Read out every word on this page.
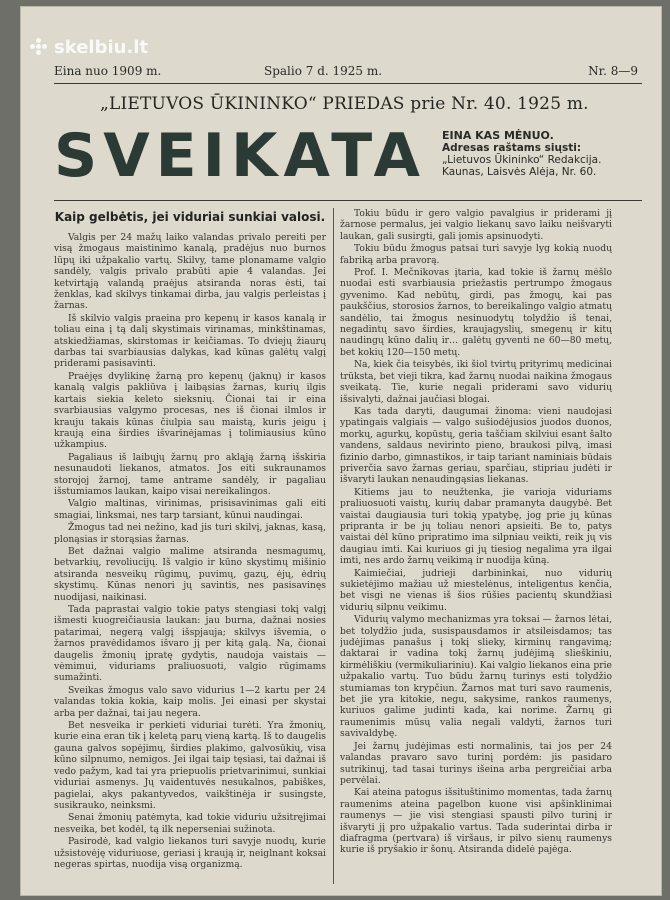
skelbiu.lt
Eina nuo 1909 m.	Spalio 7 d. 1925 m.	Nr. 8—9
„LIETUVOS ŪKININKO“ PRIEDAS prie Nr. 40. 1925 m.
SVEIKATA EINA KAS MĖNUO.
Adresas raštams siųsti:
„Lietuvos Ūkininko“ Redakcija.
Kaunas, Laisvės Alėja, Nr. 60.
Kaip gelbėtis, jei viduriai sunkiai valosi.

Valgis per 24 mažų laiko valandas privalo pereiti per visą žmogaus maistinimo kanalą, pradėjus nuo burnos lūpų iki užpakalio vartų. Skilvy, tame plonamame valgio sandėly, valgis privalo prabūti apie 4 valandas. Jei ketvirtąją valandą praėjus atsiranda noras ėsti, tai ženklas, kad skilvys tinkamai dirba, jau valgis perleistas į žarnas.

Iš skilvio valgis praeina pro kepenų ir kasos kanalą ir toliau eina į tą dalį skystimais virinamas, minkštinamas, atskiedžiamas, skirstomas ir keičiamas. To dviejų žiaurų darbas tai svarbiausias dalykas, kad kūnas galėtų valgį priderami pasisavinti.

Praėjęs dvylikinę žarną pro kepenų (jaknų) ir kasos kanalą valgis pakliūva į laibąsias žarnas, kurių ilgis kartais siekia keleto sieksnių. Čionai tai ir eina svarbiausias valgymo procesas, nes iš čionai ilmlos ir krauju takais kūnas čiulpia sau maistą, kuris jeigu į kraują eina širdies išvarinėjamas į tolimiausius kūno užkampius.

Pagaliaus iš laibųjų žarnų pro akląją žarną išskiria nesunaudoti liekanos, atmatos. Jos eiti sukraunamos storojoj žarnoj, tame antrame sandėly, ir pagaliau išstumiamos laukan, kaipo visai nereikalingos.

Valgio maltinas, virinimas, prisisavinimas gali eiti smagiai, linksmai, nes tarp tarsiant, kūnui naudingai.

Žmogus tad nei nežino, kad jis turi skilvį, jaknas, kasą, plonąsias ir storąsias žarnas.

Bet dažnai valgio malime atsiranda nesmagumų, betvarkių, revoliucijų. Iš valgio ir kūno skystimų mišinio atsiranda nesveikų rūgimų, puvimų, gazų, ėjų, ėdrių skystimų. Kūnas nenori jų savintis, nes pasisavinęs nuodijasi, naikinasi.

Tada paprastai valgio tokie patys stengiasi tokį valgį išmesti kuogreičiausia laukan: jau burna, dažnai nosies patarimai, negerą valgį išspjauja; skilvys išvemia, o žarnos pravėdidamos išvaro jį per kitą galą. Na, čionai daugelis žmonių įpratę gydytis, naudoja vaistais — vėmimui, viduriams praliuosuoti, valgio rūgimams sumažinti.

Sveikas žmogus valo savo vidurius 1—2 kartu per 24 valandas tokia kokia, kaip molis. Jei einasi per skystai arba per dažnai, tai jau negera.

Bet nesveika ir perkieti viduriai turėti. Yra žmonių, kurie eina eran tik į keletą parų vieną kartą. Iš to daugelis gauna galvos sopėjimų, širdies plakimo, galvosūkių, visa kūno silpnumo, nemigos. Jei ilgai taip tęsiasi, tai dažnai iš vedo pažym, kad tai yra priepuolis prietvarinimui, sunkiai viduriai asmenys. Jų vaidentuvės nesukalnos, pabiškes, pagielai, akys pakantyvedos, vaikštinėja ir susingste, susikrauko, neinksmi.

Senai žmonių patėmyta, kad tokie viduriu užsitręjimai nesveika, bet kodėl, tą ilk neperseniai sužinota.

Pasirodė, kad valgio liekanos turi savyje nuodų, kurie užsistovėję viduriuose, geriasi į kraują ir, neiglnant koksai negeras spirtas, nuodija visą organizmą.

Tokiu būdu ir gero valgio pavalgius ir priderami jį žarnose permalus, jei valgio liekanų savo laiku neišvaryti laukan, gali susirgti, gali įomis apsinuodyti.

Tokiu būdu žmogus patsai turi savyje lyg kokią nuodų fabriką arba pravorą.

Prof. I. Mečnikovas įtaria, kad tokie iš žarnų mėšlo nuodai esti svarbiausia priežastis pertrumpo žmogaus gyvenimo. Kad nebūtų, girdi, pas žmogų, kai pas paukščius, storosios žarnos, to bereikalingo valgio atmatų sandėlio, tai žmogus nesinuodytų tolydžio iš tenai, negadintų savo širdies, kraujagyslių, smegenų ir kitų naudingų kūno dalių ir… galėtų gyventi ne 60—80 metų, bet kokių 120—150 metų.

Na, kiek čia teisybės, iki šiol tvirtų prityrimų medicinai trūksta, bet vieji tikra, kad žarnų nuodai naikina žmogaus sveikatą. Tie, kurie negali priderami savo vidurių išsivalyti, dažnai jaučiasi blogai.

Kas tada daryti, daugumai žinoma: vieni naudojasi ypatingais valgiais — valgo sušiodėjusios juodos duonos, morkų, agurkų, kopūstų, geria taščiam skilviui esant šalto vandens, saldaus nevirinto pieno, braukosi pilvą, imasi fizinio darbo, gimnastikos, ir taip tariant naminiais būdais priverčia savo žarnas geriau, sparčiau, stipriau judėti ir išvaryti laukan nenaudingąsias liekanas.

Kitiems jau to neužtenka, jie varioja viduriams praliuosuoti vaistų, kurių dabar pramanyta daugybė. Bet vaistai daugiausia turi tokią ypatybę, jog prie jų kūnas pripranta ir be jų toliau nenori apsieiti. Be to, patys vaistai dėl kūno pripratimo ima silpniau veikti, reik jų vis daugiau imti. Kai kuriuos gi jų tiesiog negalima yra ilgai imti, nes ardo žarnų veikimą ir nuodija kūną.

Kaimiečiai, judrieji darbininkai, nuo vidurių sukietėjimo mažiau už miestelėnus, inteligentus kenčia, bet visgi ne vienas iš šios rūšies pacientų skundžiasi vidurių silpnu veikimu.

Vidurių valymo mechanizmas yra toksai — žarnos lėtai, bet tolydžio juda, susispausdamos ir atsileisdamos; tas judėjimas panašus į tokį slieky, kirminų rangavimą; daktarai ir vadina tokį žarnų judėjimą slieškiniu, kirmėliškiu (vermikuliariniu). Kai valgio liekanos eina prie užpakalio vartų. Tuo būdu žarnų turinys esti tolydžio stumiamas ton krypčiun. Žarnos mat turi savo raumenis, bet jie yra kitokie, negu, sakysime, rankos raumenys, kuriuos galime judinti kada, kai norime. Žarnų gi raumenimis mūsų valia negali valdyti, žarnos turi savivaldybę.

Jei žarnų judėjimas esti normalinis, tai jos per 24 valandas pravaro savo turinį pordėm: jis pasidaro sutrikinųj, tad tasai turinys išeina arba pergreičiai arba pervėlai.

Kai ateina patogus išsituštinimo momentas, tada žarnų raumenims ateina pagelbon kuone visi apšinklinimai raumenys — jie visi stengiasi spausti pilvo turinį ir išvaryti jį pro užpakalio vartus. Tada suderintai dirba ir diafragma (pertvara) iš viršaus, ir pilvo sienų raumenys kurie iš pryšakio ir šonų. Atsiranda didelė pajėga.
